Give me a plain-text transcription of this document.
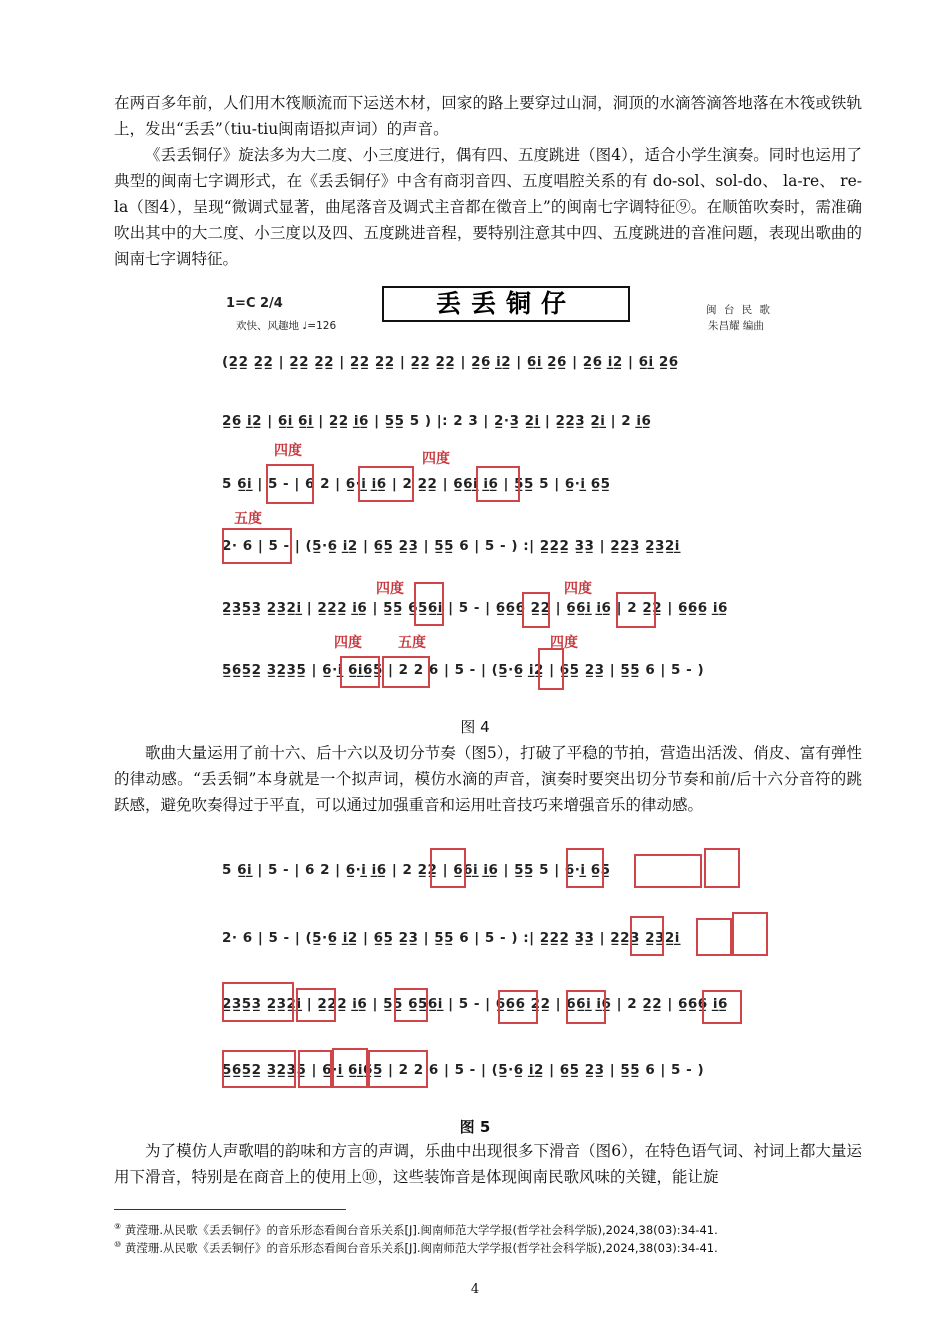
在两百多年前，人们用木筏顺流而下运送木材，回家的路上要穿过山洞，洞顶的水滴答滴答地落在木筏或铁轨上，发出“丢丢”（tiu-tiu闽南语拟声词）的声音。
《丢丢铜仔》旋法多为大二度、小三度进行，偶有四、五度跳进（图4），适合小学生演奏。同时也运用了典型的闽南七字调形式，在《丢丢铜仔》中含有商羽音四、五度唱腔关系的有 do-sol、sol-do、 la-re、 re-la（图4），呈现“微调式显著，曲尾落音及调式主音都在徵音上”的闽南七字调特征⑨。在顺笛吹奏时，需准确吹出其中的大二度、小三度以及四、五度跳进音程，要特别注意其中四、五度跳进的音准问题，表现出歌曲的闽南七字调特征。
1=C 2/4
欢快、风趣地 ♩=126
丢丢铜仔	闽 台 民 歌
朱昌耀 编曲
(2̲2̲ 2̲2̲ | 2̲2̲ 2̲2̲ | 2̲2̲ 2̲2̲ | 2̲2̲ 2̲2̲ | 2̲6̲ i̲2̲ | 6̲i̲ 2̲6̲ | 2̲6̲ i̲2̲ | 6̲i̲ 2̲6̲
2̲6̲ i̲2̲ | 6̲i̲ 6̲i̲ | 2̲2̲ i̲6̲ | 5̲5̲ 5 ) |: 2 3 | 2̲·3̲ 2̲i̲ | 2̲2̲3̲ 2̲i̲ | 2 i̲6̲
5 6̲i̲ | 5 - | 6 2 | 6̲·i̲ i̲6̲ | 2 2̲2̲ | 6̲6̲i̲ i̲6̲ | 5̲5̲ 5 | 6̲·i̲ 6̲5̲
2· 6 | 5 - | (5̲·6̲ i̲2̲ | 6̲5̲ 2̲3̲ | 5̲5̲ 6 | 5 - ) :| 2̲2̲2̲ 3̲3̲ | 2̲2̲3̲ 2̲3̲2̲i̲
2̲3̲5̲3̲ 2̲3̲2̲i̲ | 2̲2̲2̲ i̲6̲ | 5̲5̲ 6̲5̲6̲i̲ | 5 - | 6̲6̲6̲ 2̲2̲ | 6̲6̲i̲ i̲6̲ | 2 2̲2̲ | 6̲6̲6̲ i̲6̲
5̲6̲5̲2̲ 3̲2̲3̲5̲ | 6̲·i̲ 6̲i̲6̲5̲ | 2 2 6 | 5 - | (5̲·6̲ i̲2̲ | 6̲5̲ 2̲3̲ | 5̲5̲ 6 | 5 - )
四度	四度
五度
四度	四度
四度	五度	四度
图 4
歌曲大量运用了前十六、后十六以及切分节奏（图5），打破了平稳的节拍，营造出活泼、俏皮、富有弹性的律动感。“丢丢铜”本身就是一个拟声词，模仿水滴的声音，演奏时要突出切分节奏和前/后十六分音符的跳跃感，避免吹奏得过于平直，可以通过加强重音和运用吐音技巧来增强音乐的律动感。
5 6̲i̲ | 5 - | 6 2 | 6̲·i̲ i̲6̲ | 2 2̲2̲ | 6̲6̲i̲ i̲6̲ | 5̲5̲ 5 | 6̲·i̲ 6̲5̲
2· 6 | 5 - | (5̲·6̲ i̲2̲ | 6̲5̲ 2̲3̲ | 5̲5̲ 6 | 5 - ) :| 2̲2̲2̲ 3̲3̲ | 2̲2̲3̲ 2̲3̲2̲i̲
2̲3̲5̲3̲ 2̲3̲2̲i̲ | 2̲2̲2̲ i̲6̲ | 5̲5̲ 6̲5̲6̲i̲ | 5 - | 6̲6̲6̲ 2̲2̲ | 6̲6̲i̲ i̲6̲ | 2 2̲2̲ | 6̲6̲6̲ i̲6̲
5̲6̲5̲2̲ 3̲2̲3̲5̲ | 6̲·i̲ 6̲i̲6̲5̲ | 2 2 6 | 5 - | (5̲·6̲ i̲2̲ | 6̲5̲ 2̲3̲ | 5̲5̲ 6 | 5 - )
图 5
为了模仿人声歌唱的韵味和方言的声调，乐曲中出现很多下滑音（图6），在特色语气词、衬词上都大量运用下滑音，特别是在商音上的使用上⑩，这些装饰音是体现闽南民歌风味的关键，能让旋
⑨ 黄滢珊.从民歌《丢丢铜仔》的音乐形态看闽台音乐关系[J].闽南师范大学学报(哲学社会科学版),2024,38(03):34-41.
⑩ 黄滢珊.从民歌《丢丢铜仔》的音乐形态看闽台音乐关系[J].闽南师范大学学报(哲学社会科学版),2024,38(03):34-41.
4
